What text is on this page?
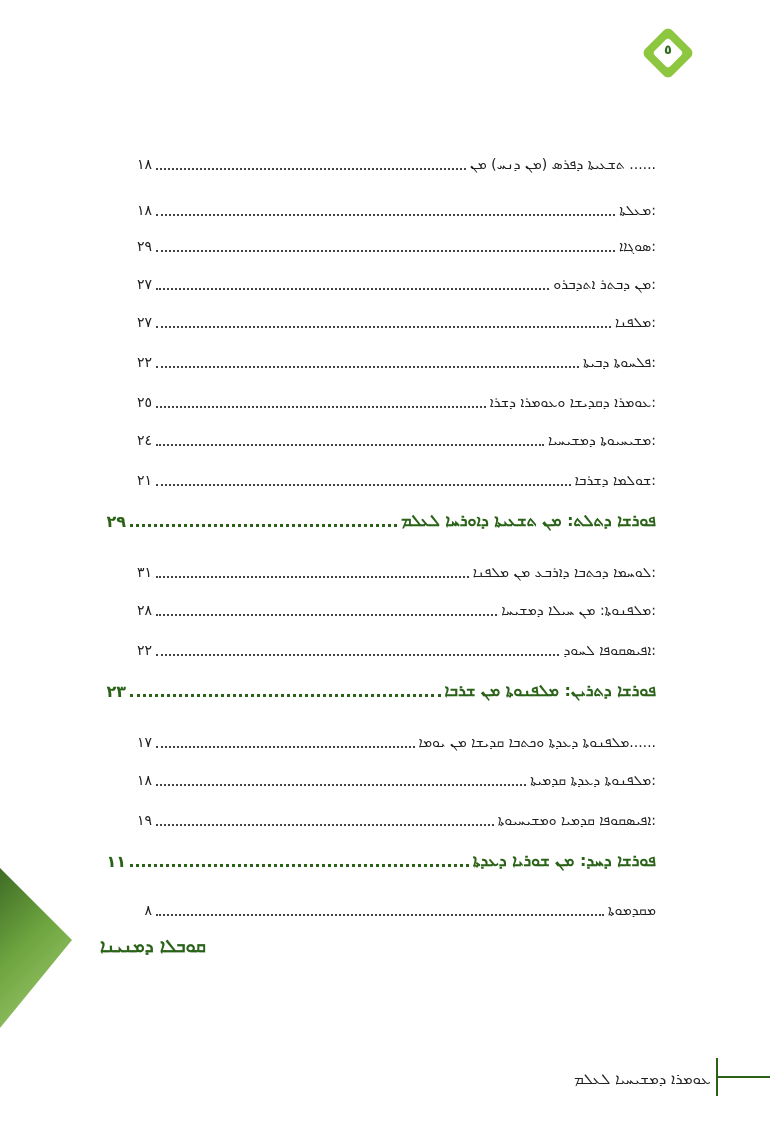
٥
١٨	ܬܫܥܝܬܐ ܕܦܪܣ (ܡܢ ܕܢܚ) ܡܢ ......
١٨	ܡܥܠܬܐ:
٢٩	ܣܘܓܐܐ:
٢٧	ܡܢ ܕܒܬܪ ܐܬܕܒܪܘ:
٢٧	ܡܠܦܢܐ:
٢٢	ܦܠܚܘܬܐ ܕܒܝܬܐ:
٢٥	ܥܘܡܪܐ ܕܩܕܝܫܐ ܘܥܘܡܪܐ ܕܫܪܐ:
٢٤	ܡܫܝܚܝܘܬܐ ܕܡܫܝܚܝܐ:
٢١	ܫܘܠܡܐ ܕܫܪܒܐ:
٢٩	ܦܘܪܫܐ ܕܬܠܬ: ܡܢ ܬܫܥܝܬܐ ܕܐܘܪܚܐ ܠܥܠܡ
٣١	ܠܘܚܡܐ ܕܟܬܒܐ ܕܐܪܒܥ ܡܢ ܡܠܦܢܐ:
٢٨	ܡܠܦܢܘܬܐ: ܡܢ ܚܝܠܐ ܕܡܫܝܚܐ:
٢٢	ܐܦܝܣܩܘܦܐ ܠܚܘܕ:
٢٣	ܦܘܪܫܐ ܕܬܪܝܢ: ܡܠܦܢܘܬܐ ܡܢ ܫܪܒܐ
١٧	ܡܠܦܢܘܬܐ ܕܥܕܬܐ ܘܟܬܒܐ ܩܕܝܫܐ ܡܢ ܝܘܡܐ......
١٨	ܡܠܦܢܘܬܐ ܕܥܕܬܐ ܩܕܡܝܬܐ:
١٩	ܐܦܝܣܩܘܦܐ ܩܕܡܝܐ ܘܡܫܝܚܝܘܬܐ:
١١	ܦܘܪܫܐ ܕܚܕ: ܡܢ ܫܘܪܝܐ ܕܥܕܬܐ
٨	ܡܩܕܡܘܬܐ
ܩܘܒܠܐ ܕܡܢܝܢܐ
ܥܘܡܪܐ ܕܡܫܝܚܝܐ ܠܥܠܡ
